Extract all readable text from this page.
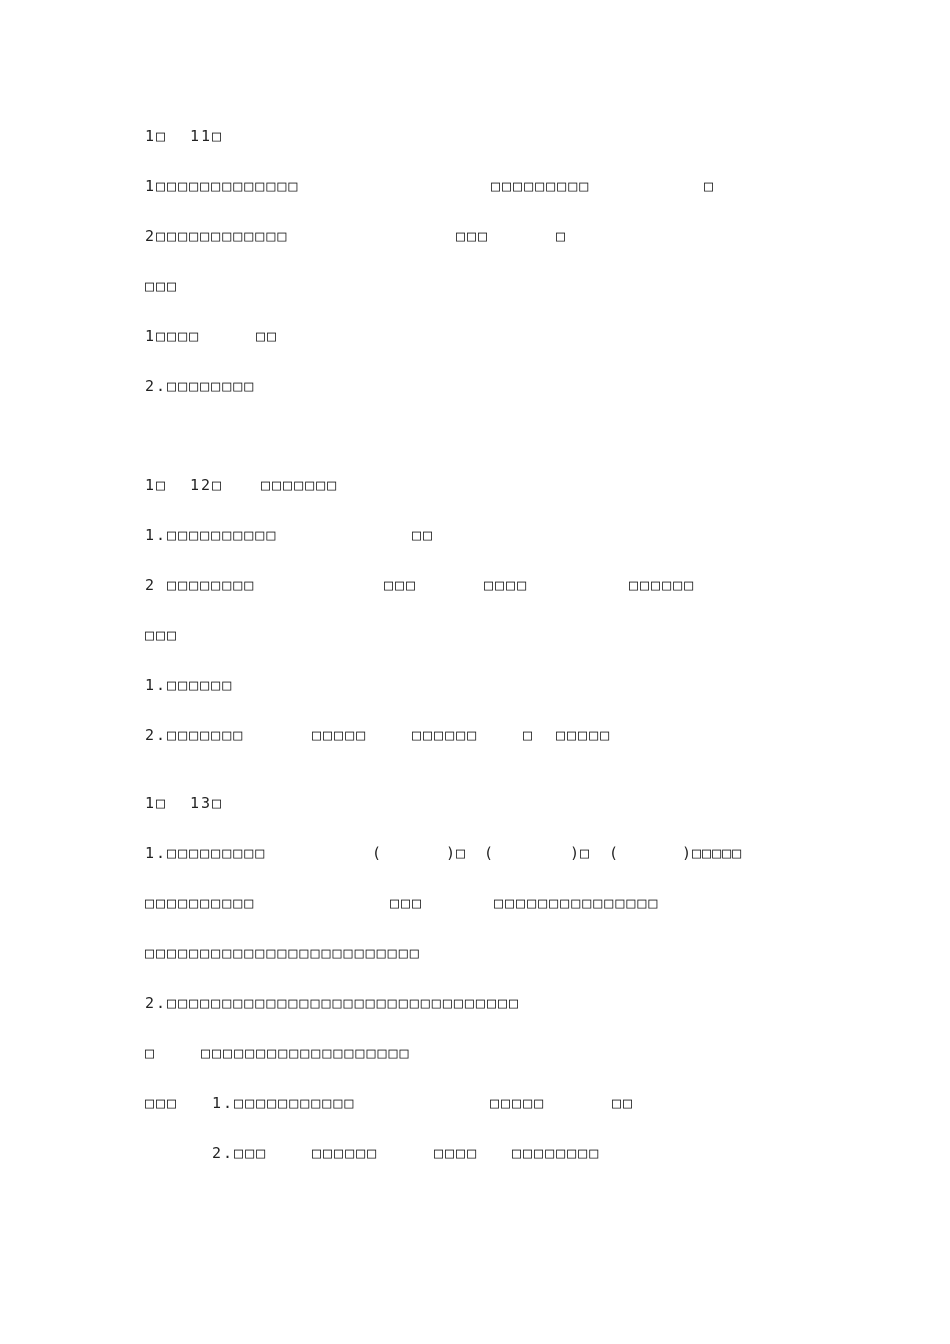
1□ 11□
1□□□□□□□□□□□□□	□□□□□□□□□	□
2□□□□□□□□□□□□	□□□	□
□□□
1□□□□	□□
2.□□□□□□□□
1□ 12□	□□□□□□□
1.□□□□□□□□□□	□□
2 □□□□□□□□	□□□	□□□□	□□□□□□
□□□
1.□□□□□□
2.□□□□□□□	□□□□□	□□□□□□	□ □□□□□
1□ 13□
1.□□□□□□□□□	(	)□ (	)□ (	)□□□□□
□□□□□□□□□□	□□□	□□□□□□□□□□□□□□□
□□□□□□□□□□□□□□□□□□□□□□□□□
2.□□□□□□□□□□□□□□□□□□□□□□□□□□□□□□□□
□	□□□□□□□□□□□□□□□□□□□
□□□ 1.□□□□□□□□□□□	□□□□□	□□
2.□□□	□□□□□□	□□□□ □□□□□□□□
